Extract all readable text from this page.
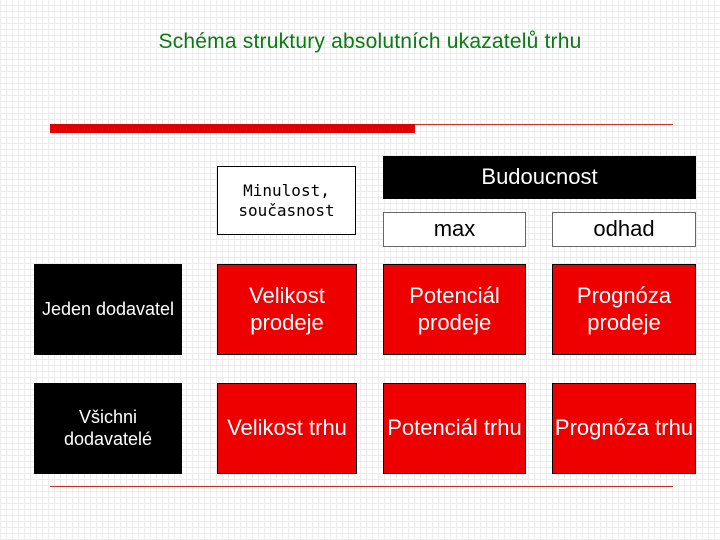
Schéma struktury absolutních ukazatelů trhu
Minulost, současnost
Budoucnost
max	odhad
Jeden dodavatel
Velikost prodeje
Potenciál prodeje
Prognóza prodeje
Všichni dodavatelé	Velikost trhu Potenciál trhu Prognóza trhu
